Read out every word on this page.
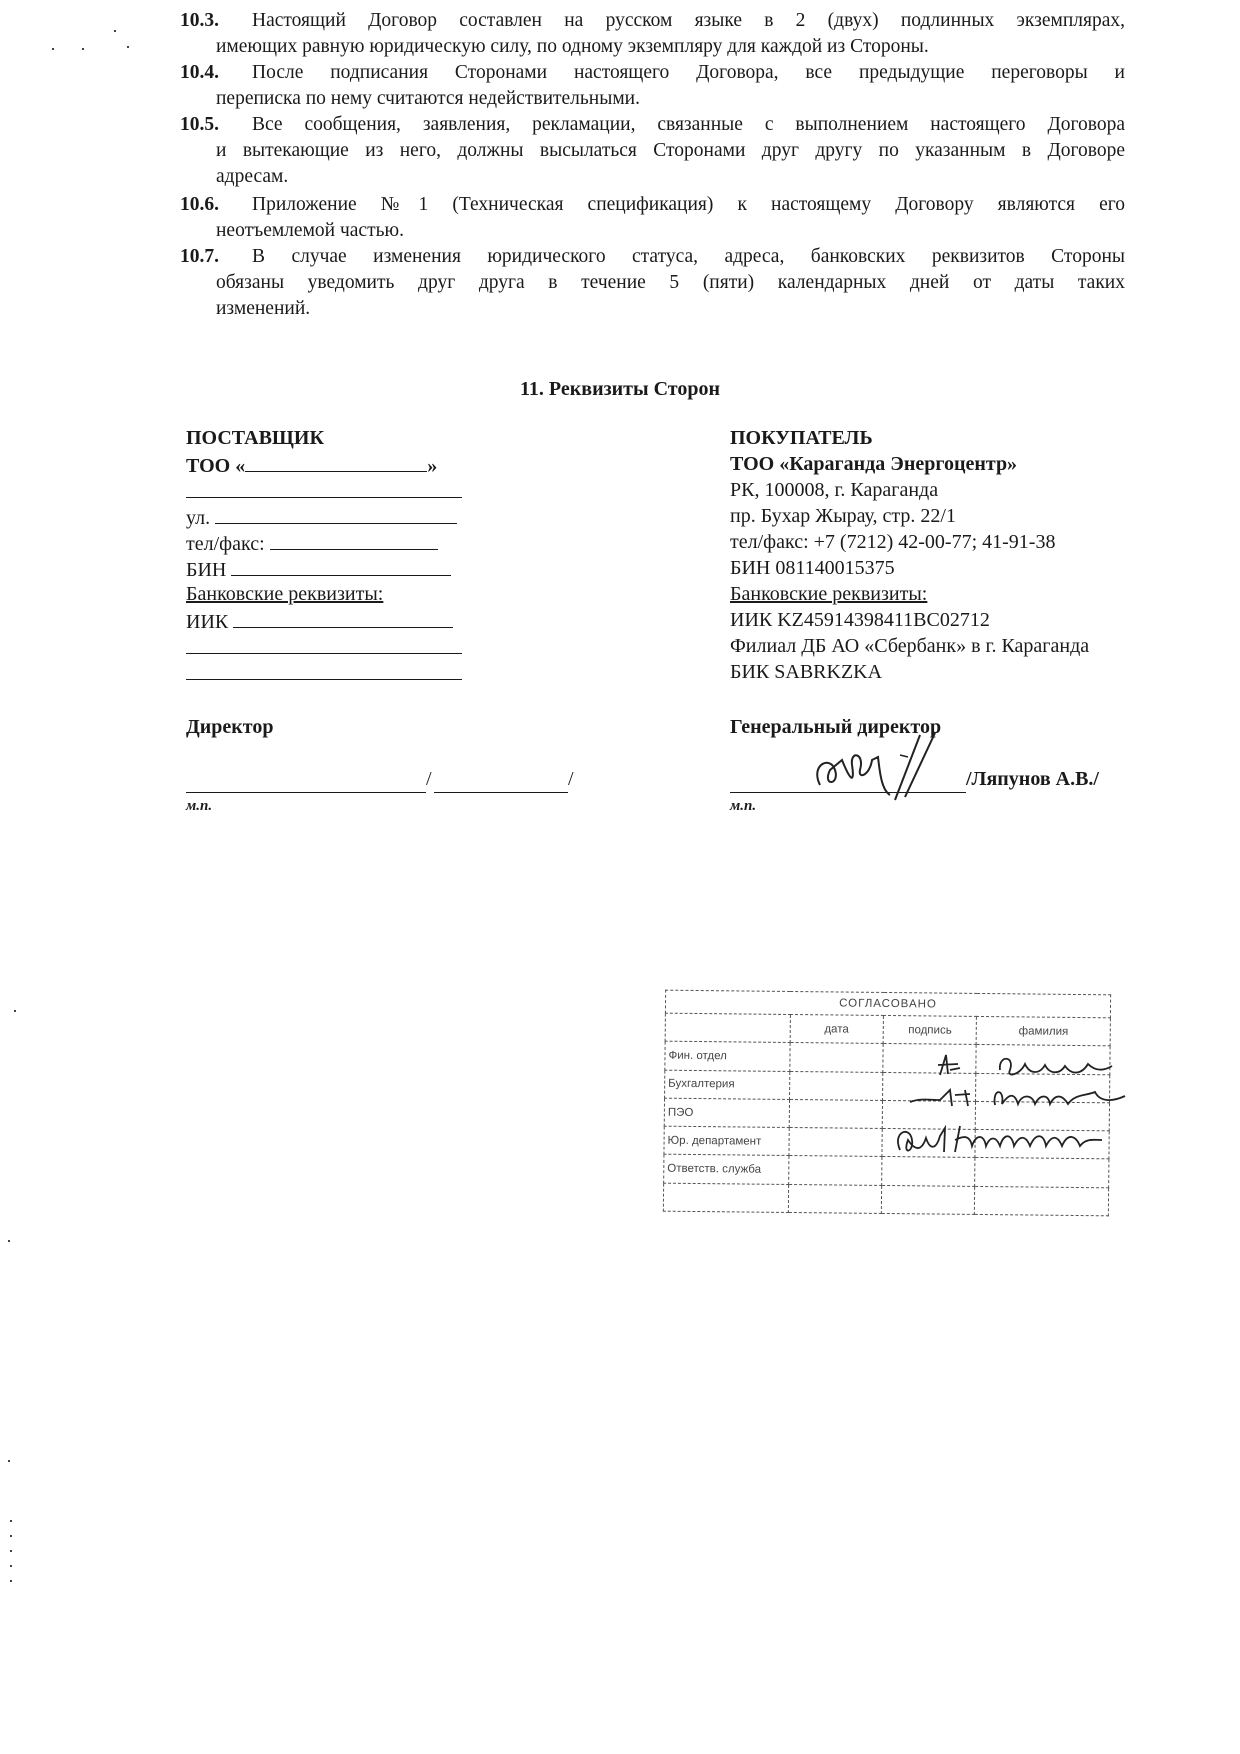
10.3.	Настоящий Договор составлен на русском языке в 2 (двух) подлинных экземплярах,
имеющих равную юридическую силу, по одному экземпляру для каждой из Стороны.
10.4.	После подписания Сторонами настоящего Договора, все предыдущие переговоры и
переписка по нему считаются недействительными.
10.5.	Все сообщения, заявления, рекламации, связанные с выполнением настоящего Договора
и вытекающие из него, должны высылаться Сторонами друг другу по указанным в Договоре
адресам.
10.6.	Приложение №1 (Техническая спецификация) к настоящему Договору являются его
неотъемлемой частью.
10.7.	В случае изменения юридического статуса, адреса, банковских реквизитов Стороны
обязаны уведомить друг друга в течение 5 (пяти) календарных дней от даты таких
изменений.
11. Реквизиты Сторон
ПОСТАВЩИК
ТОО «	»
ул.
тел/факс:
БИН
Банковские реквизиты:
ИИК
Директор
/	/
м.п.
ПОКУПАТЕЛЬ
ТОО «Караганда Энергоцентр»
РК, 100008, г. Караганда
пр. Бухар Жырау, стр. 22/1
тел/факс: +7 (7212) 42-00-77; 41-91-38
БИН 081140015375
Банковские реквизиты:
ИИК KZ45914398411BC02712
Филиал ДБ АО «Сбербанк» в г. Караганда
БИК SABRKZKA
Генеральный директор
/Ляпунов А.В./
м.п.
СОГЛАСОВАНО			
	дата	подпись	фамилия
Фин. отдел			
Бухгалтерия			
ПЭО			
Юр. департамент			
Ответств. служба			
